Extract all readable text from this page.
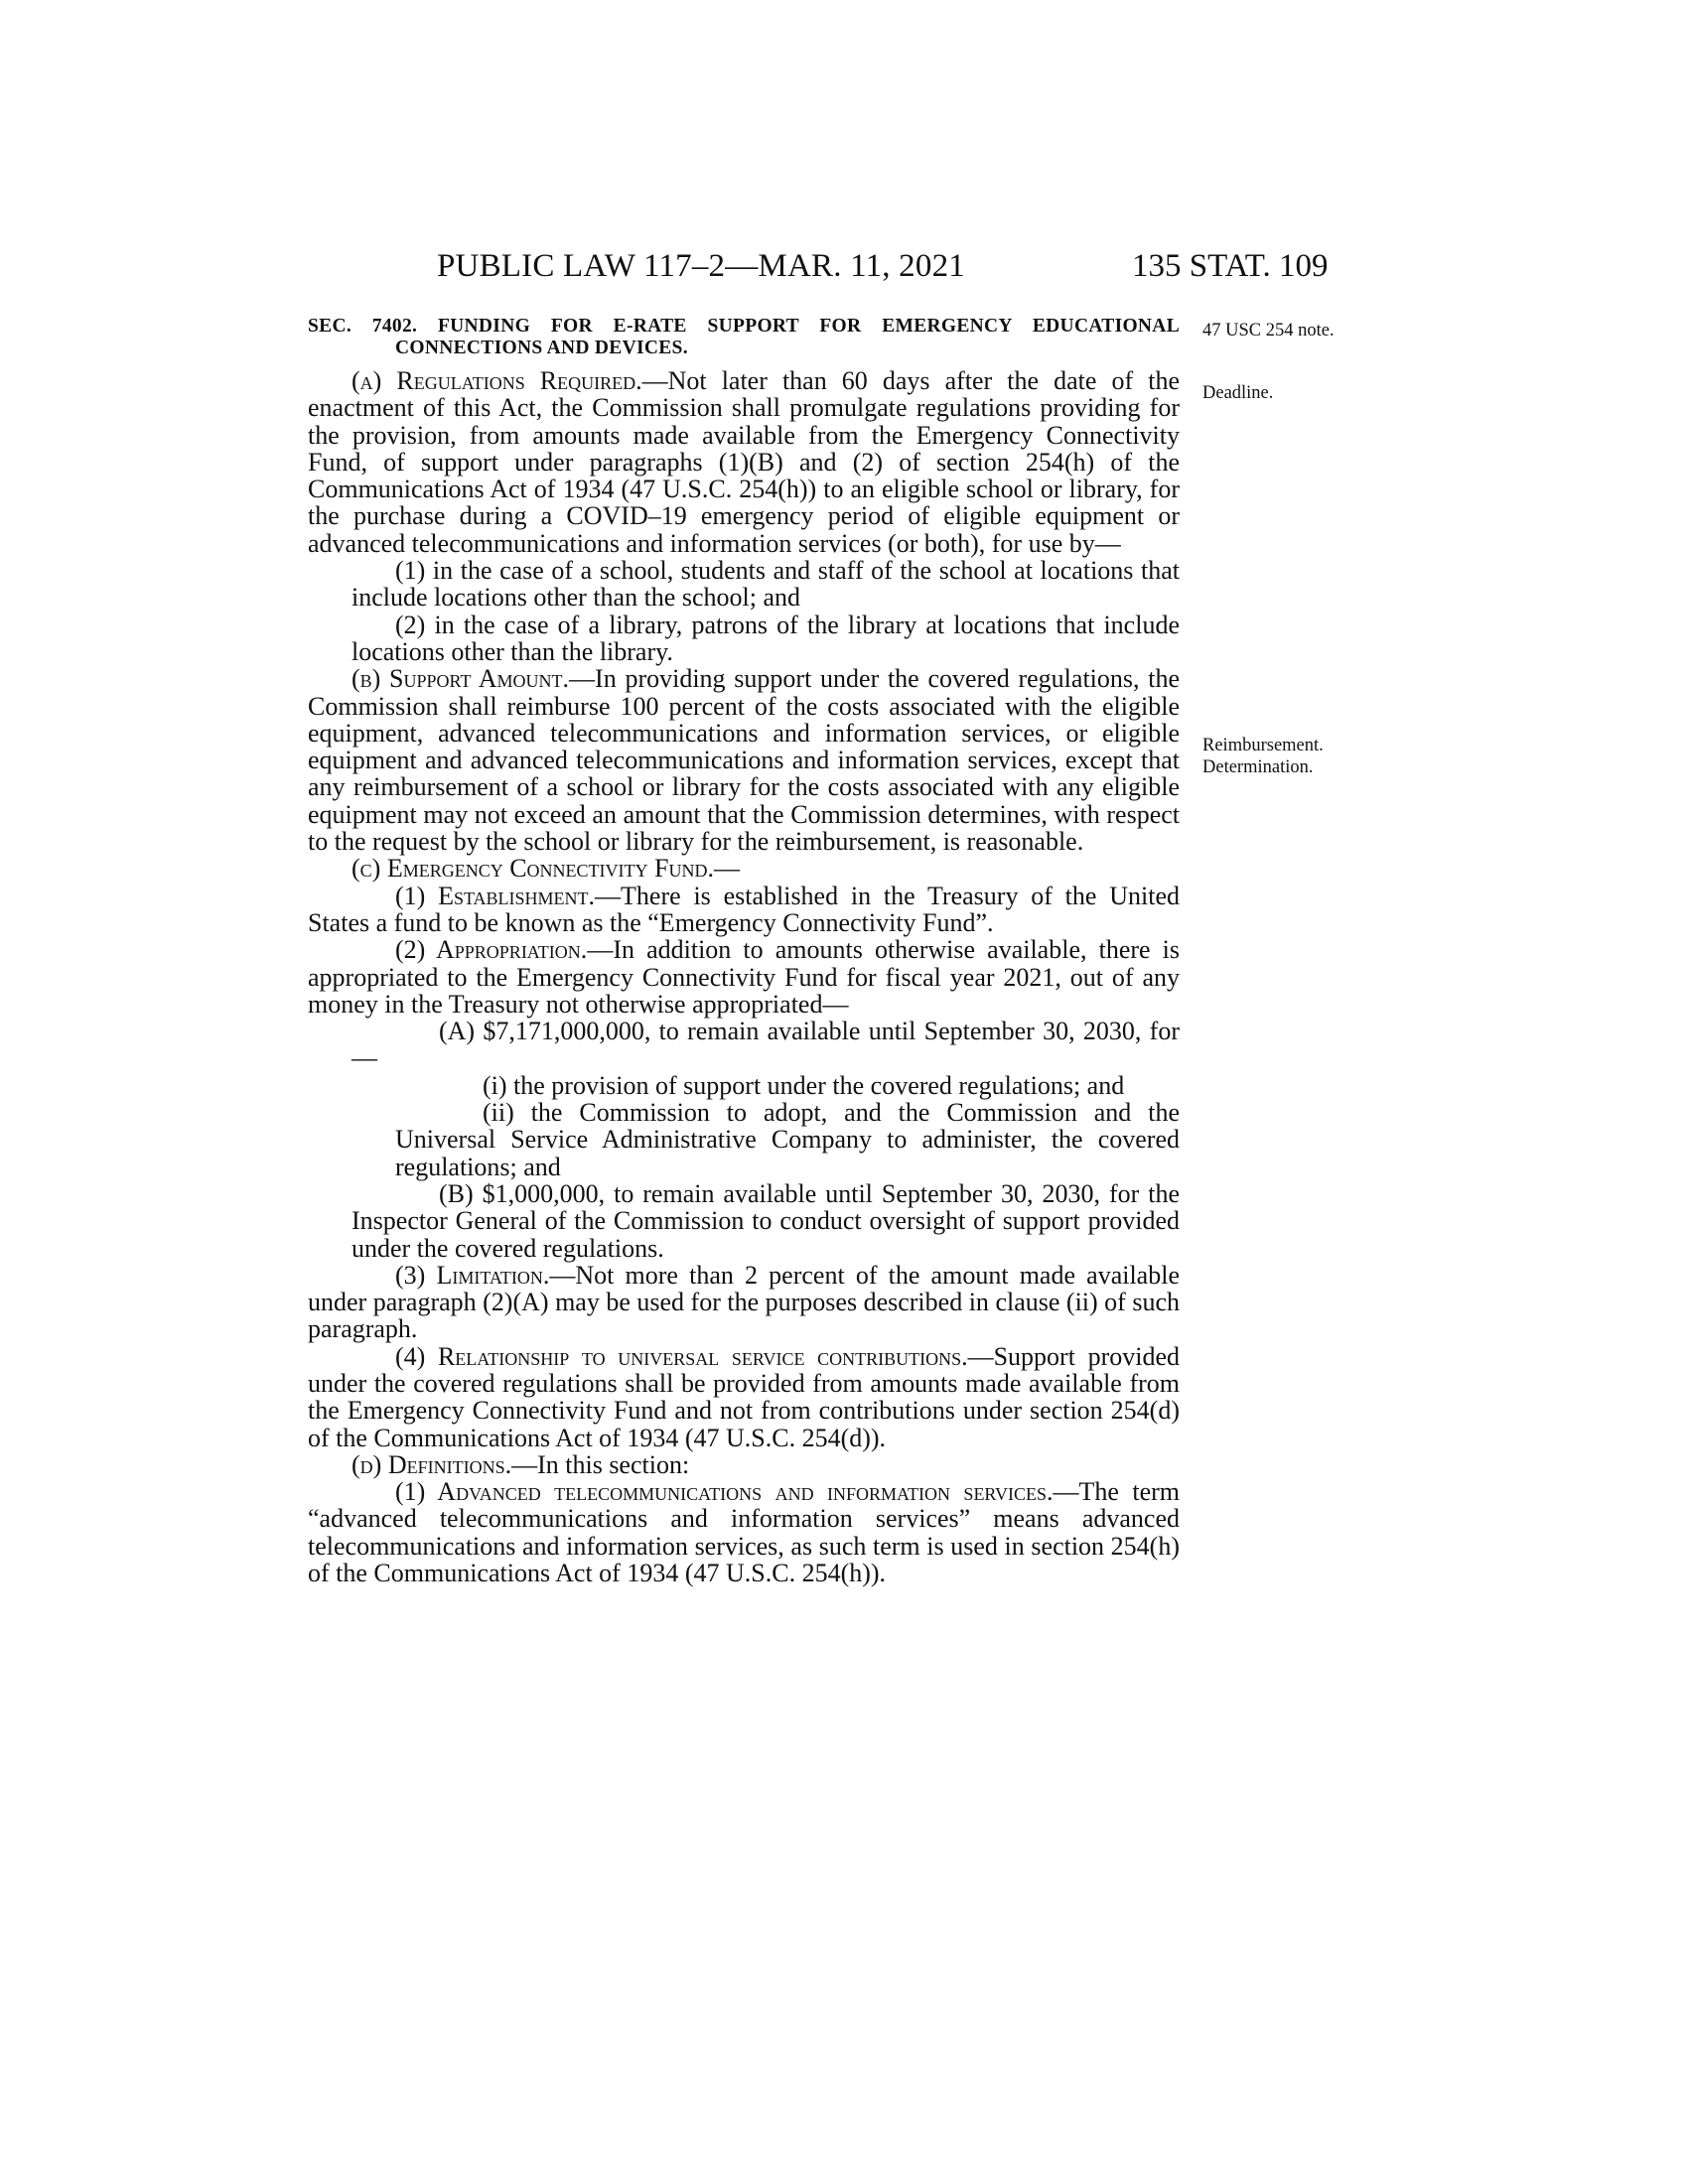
PUBLIC LAW 117–2—MAR. 11, 2021	135 STAT. 109
47 USC 254 note.
Deadline.
Reimbursement.
Determination.
SEC. 7402. FUNDING FOR E-RATE SUPPORT FOR EMERGENCY EDUCATIONAL CONNECTIONS AND DEVICES.

(a) Regulations Required.—Not later than 60 days after the date of the enactment of this Act, the Commission shall promulgate regulations providing for the provision, from amounts made available from the Emergency Connectivity Fund, of support under paragraphs (1)(B) and (2) of section 254(h) of the Communications Act of 1934 (47 U.S.C. 254(h)) to an eligible school or library, for the purchase during a COVID–19 emergency period of eligible equipment or advanced telecommunications and information services (or both), for use by—

(1) in the case of a school, students and staff of the school at locations that include locations other than the school; and

(2) in the case of a library, patrons of the library at locations that include locations other than the library.

(b) Support Amount.—In providing support under the covered regulations, the Commission shall reimburse 100 percent of the costs associated with the eligible equipment, advanced telecommunications and information services, or eligible equipment and advanced telecommunications and information services, except that any reimbursement of a school or library for the costs associated with any eligible equipment may not exceed an amount that the Commission determines, with respect to the request by the school or library for the reimbursement, is reasonable.

(c) Emergency Connectivity Fund.—

(1) Establishment.—There is established in the Treasury of the United States a fund to be known as the “Emergency Connectivity Fund”.

(2) Appropriation.—In addition to amounts otherwise available, there is appropriated to the Emergency Connectivity Fund for fiscal year 2021, out of any money in the Treasury not otherwise appropriated—

(A) $7,171,000,000, to remain available until September 30, 2030, for—

(i) the provision of support under the covered regulations; and

(ii) the Commission to adopt, and the Commission and the Universal Service Administrative Company to administer, the covered regulations; and

(B) $1,000,000, to remain available until September 30, 2030, for the Inspector General of the Commission to conduct oversight of support provided under the covered regulations.

(3) Limitation.—Not more than 2 percent of the amount made available under paragraph (2)(A) may be used for the purposes described in clause (ii) of such paragraph.

(4) Relationship to universal service contributions.—Support provided under the covered regulations shall be provided from amounts made available from the Emergency Connectivity Fund and not from contributions under section 254(d) of the Communications Act of 1934 (47 U.S.C. 254(d)).

(d) Definitions.—In this section:

(1) Advanced telecommunications and information services.—The term “advanced telecommunications and information services” means advanced telecommunications and information services, as such term is used in section 254(h) of the Communications Act of 1934 (47 U.S.C. 254(h)).
